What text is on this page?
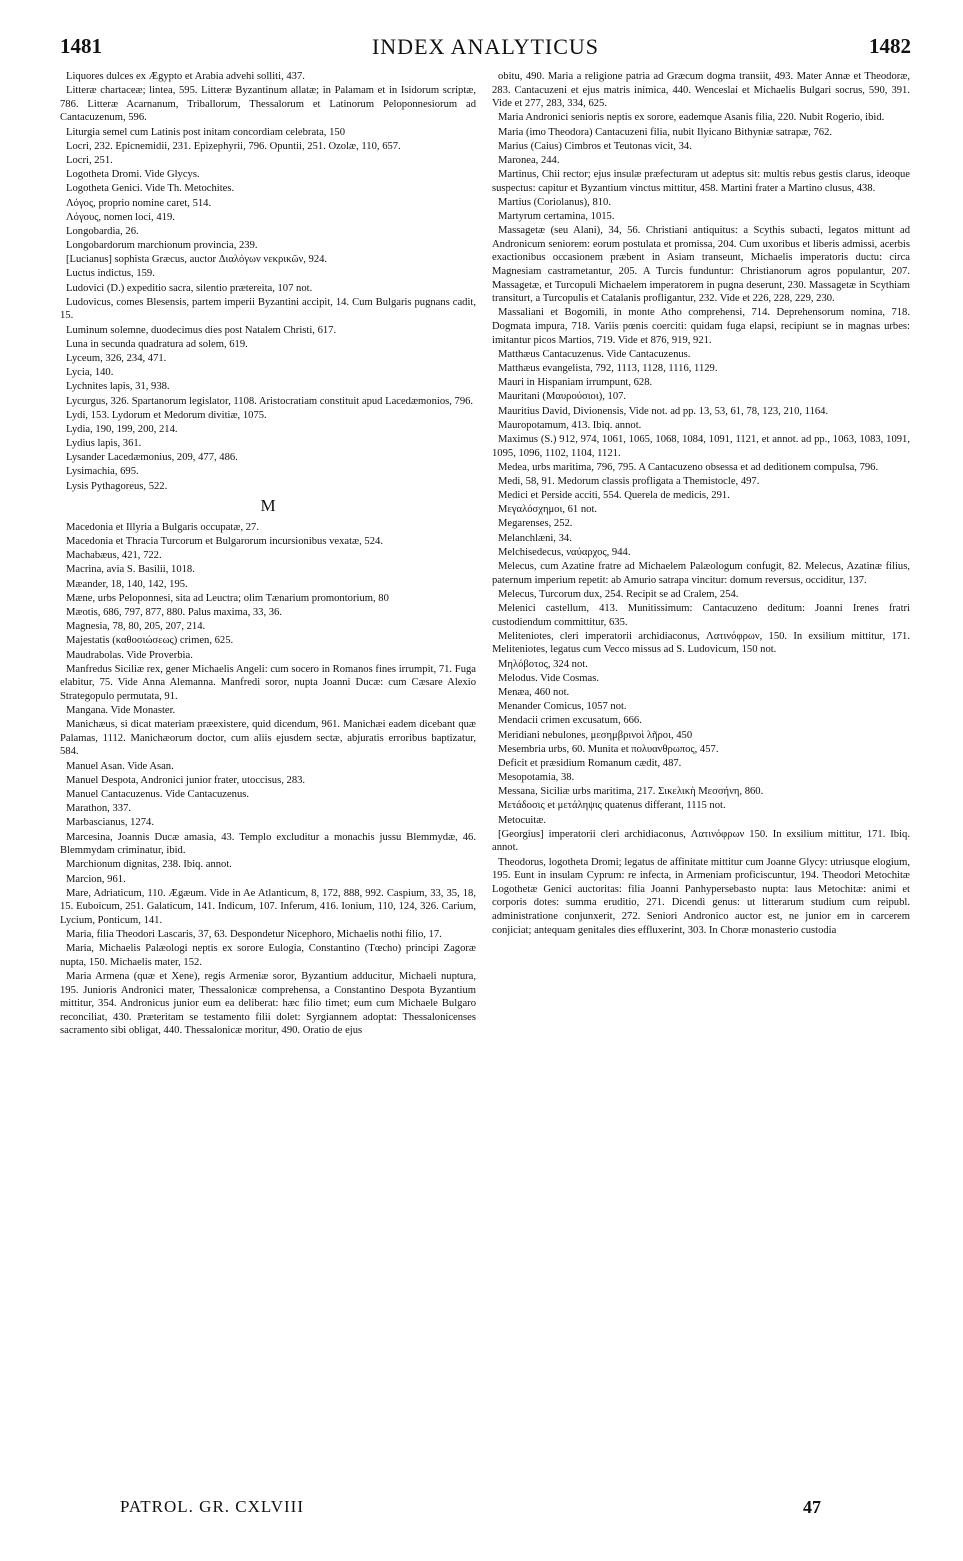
1481	INDEX ANALYTICUS	1482

Liquores dulces ex Ægypto et Arabia advehi solliti, 437.

Litteræ chartaceæ; lintea, 595. Litteræ Byzantinum allatæ; in Palamam et in Isidorum scriptæ, 786. Litteræ Acarnanum, Triballorum, Thessalorum et Latinorum Peloponnesiorum ad Cantacuzenum, 596.

Liturgia semel cum Latinis post initam concordiam celebrata, 150

Locri, 232. Epicnemidii, 231. Epizephyrii, 796. Opuntii, 251. Ozolæ, 110, 657.

Locri, 251.

Logotheta Dromi. Vide Glycys.

Logotheta Genici. Vide Th. Metochites.

Λόγος, proprio nomine caret, 514.

Λόγους, nomen loci, 419.

Longobardia, 26.

Longobardorum marchionum provincia, 239.

[Lucianus] sophista Græcus, auctor Διαλόγων νεκρικῶν, 924.

Luctus indictus, 159.

Ludovici (D.) expeditio sacra, silentio prætereita, 107 not.

Ludovicus, comes Blesensis, partem imperii Byzantini accipit, 14. Cum Bulgaris pugnans cadit, 15.

Luminum solemne, duodecimus dies post Natalem Christi, 617.

Luna in secunda quadratura ad solem, 619.

Lyceum, 326, 234, 471.

Lycia, 140.

Lychnites lapis, 31, 938.

Lycurgus, 326. Spartanorum legislator, 1108. Aristocratiam constituit apud Lacedæmonios, 796.

Lydi, 153. Lydorum et Medorum divitiæ, 1075.

Lydia, 190, 199, 200, 214.

Lydius lapis, 361.

Lysander Lacedæmonius, 209, 477, 486.

Lysimachia, 695.

Lysis Pythagoreus, 522.

M

Macedonia et Illyria a Bulgaris occupatæ, 27.

Macedonia et Thracia Turcorum et Bulgarorum incursionibus vexatæ, 524.

Machabæus, 421, 722.

Macrina, avia S. Basilii, 1018.

Mæander, 18, 140, 142, 195.

Mæne, urbs Peloponnesi, sita ad Leuctra; olim Tænarium promontorium, 80

Mæotis, 686, 797, 877, 880. Palus maxima, 33, 36.

Magnesia, 78, 80, 205, 207, 214.

Majestatis (καθοσιώσεως) crimen, 625.

Maudrabolas. Vide Proverbia.

Manfredus Siciliæ rex, gener Michaelis Angeli: cum socero in Romanos fines irrumpit, 71. Fuga elabitur, 75. Vide Anna Alemanna. Manfredi soror, nupta Joanni Ducæ: cum Cæsare Alexio Strategopulo permutata, 91.

Mangana. Vide Monaster.

Manichæus, si dicat materiam præexistere, quid dicendum, 961. Manichæi eadem dicebant quæ Palamas, 1112. Manichæorum doctor, cum aliis ejusdem sectæ, abjuratis erroribus baptizatur, 584.

Manuel Asan. Vide Asan.

Manuel Despota, Andronici junior frater, utoccisus, 283.

Manuel Cantacuzenus. Vide Cantacuzenus.

Marathon, 337.

Marbascianus, 1274.

Marcesina, Joannis Ducæ amasia, 43. Templo excluditur a monachis jussu Blemmydæ, 46. Blemmydam criminatur, ibid.

Marchionum dignitas, 238. Ibiq. annot.

Marcion, 961.

Mare, Adriaticum, 110. Ægæum. Vide in Ae Atlanticum, 8, 172, 888, 992. Caspium, 33, 35, 18, 15. Euboicum, 251. Galaticum, 141. Indicum, 107. Inferum, 416. Ionium, 110, 124, 326. Carium, Lycium, Ponticum, 141.

Maria, filia Theodori Lascaris, 37, 63. Despondetur Nicephoro, Michaelis nothi filio, 17.

Maria, Michaelis Palæologi neptis ex sorore Eulogia, Constantino (Tœcho) principi Zagoræ nupta, 150. Michaelis mater, 152.

Maria Armena (quæ et Xene), regis Armeniæ soror, Byzantium adducitur, Michaeli nuptura, 195. Junioris Andronici mater, Thessalonicæ comprehensa, a Constantino Despota Byzantium mittitur, 354. Andronicus junior eum ea deliberat: hæc filio timet; eum cum Michaele Bulgaro reconciliat, 430. Præteritam se testamento filii dolet: Syrgiannem adoptat: Thessalonicenses sacramento sibi obligat, 440. Thessalonicæ moritur, 490. Oratio de ejus

obitu, 490. Maria a religione patria ad Græcum dogma transiit, 493. Mater Annæ et Theodoræ, 283. Cantacuzeni et ejus matris inimica, 440. Wenceslai et Michaelis Bulgari socrus, 590, 391. Vide et 277, 283, 334, 625.

Maria Andronici senioris neptis ex sorore, eademque Asanis filia, 220. Nubit Rogerio, ibid.

Maria (imo Theodora) Cantacuzeni filia, nubit Ilyicano Bithyniæ satrapæ, 762.

Marius (Caius) Cimbros et Teutonas vicit, 34.

Maronea, 244.

Martinus, Chii rector; ejus insulæ præfecturam ut adeptus sit: multis rebus gestis clarus, ideoque suspectus: capitur et Byzantium vinctus mittitur, 458. Martini frater a Martino clusus, 438.

Martius (Coriolanus), 810.

Martyrum certamina, 1015.

Massagetæ (seu Alani), 34, 56. Christiani antiquitus: a Scythis subacti, legatos mittunt ad Andronicum seniorem: eorum postulata et promissa, 204. Cum uxoribus et liberis admissi, acerbis exactionibus occasionem præbent in Asiam transeunt, Michaelis imperatoris ductu: circa Magnesiam castrametantur, 205. A Turcis funduntur: Christianorum agros populantur, 207. Massagetæ, et Turcopuli Michaelem imperatorem in pugna deserunt, 230. Massagetæ in Scythiam transiturt, a Turcopulis et Catalanis profligantur, 232. Vide et 226, 228, 229, 230.

Massaliani et Bogomili, in monte Atho comprehensi, 714. Deprehensorum nomina, 718. Dogmata impura, 718. Variis pœnis coerciti: quidam fuga elapsi, recipiunt se in magnas urbes: imitantur picos Martios, 719. Vide et 876, 919, 921.

Matthæus Cantacuzenus. Vide Cantacuzenus.

Matthæus evangelista, 792, 1113, 1128, 1116, 1129.

Mauri in Hispaniam irrumpunt, 628.

Mauritani (Μαυρούσιοι), 107.

Mauritius David, Divionensis, Vide not. ad pp. 13, 53, 61, 78, 123, 210, 1164.

Mauropotamum, 413. Ibiq. annot.

Maximus (S.) 912, 974, 1061, 1065, 1068, 1084, 1091, 1121, et annot. ad pp., 1063, 1083, 1091, 1095, 1096, 1102, 1104, 1121.

Medea, urbs maritima, 796, 795. A Cantacuzeno obsessa et ad deditionem compulsa, 796.

Medi, 58, 91. Medorum classis profligata a Themistocle, 497.

Medici et Perside acciti, 554. Querela de medicis, 291.

Μεγαλόσχημοι, 61 not.

Megarenses, 252.

Melanchlæni, 34.

Melchisedecus, ναύαρχος, 944.

Melecus, cum Azatine fratre ad Michaelem Palæologum confugit, 82. Melecus, Azatinæ filius, paternum imperium repetit: ab Amurio satrapa vincitur: domum reversus, occiditur, 137.

Melecus, Turcorum dux, 254. Recipit se ad Cralem, 254.

Melenici castellum, 413. Munitissimum: Cantacuzeno deditum: Joanni Irenes fratri custodiendum committitur, 635.

Meliteniotes, cleri imperatorii archidiaconus, Λατινόφρων, 150. In exsilium mittitur, 171. Meliteniotes, legatus cum Vecco missus ad S. Ludovicum, 150 not.

Μηλόβοτος, 324 not.

Melodus. Vide Cosmas.

Menæa, 460 not.

Menander Comicus, 1057 not.

Mendacii crimen excusatum, 666.

Meridiani nebulones, μεσημβρινοὶ λῆροι, 450

Mesembria urbs, 60. Munita et πολυανθρωπος, 457.

Deficit et præsidium Romanum cædit, 487.

Mesopotamia, 38.

Messana, Siciliæ urbs maritima, 217. Σικελικὴ Μεσσήνη, 860.

Μετάδοσις et μετάληψις quatenus differant, 1115 not.

Metocuitæ.

[Georgius] imperatorii cleri archidiaconus, Λατινόφρων 150. In exsilium mittitur, 171. Ibiq. annot.

Theodorus, logotheta Dromi; legatus de affinitate mittitur cum Joanne Glycy: utriusque elogium, 195. Eunt in insulam Cyprum: re infecta, in Armeniam proficiscuntur, 194. Theodori Metochitæ Logothetæ Genici auctoritas: filia Joanni Panhypersebasto nupta: laus Metochitæ: animi et corporis dotes: summa eruditio, 271. Dicendi genus: ut litterarum studium cum reipubl. administratione conjunxerit, 272. Seniori Andronico auctor est, ne junior em in carcerem conjiciat; antequam genitales dies effluxerint, 303. In Choræ monasterio custodia

PATROL. GR. CXLVIII	47
